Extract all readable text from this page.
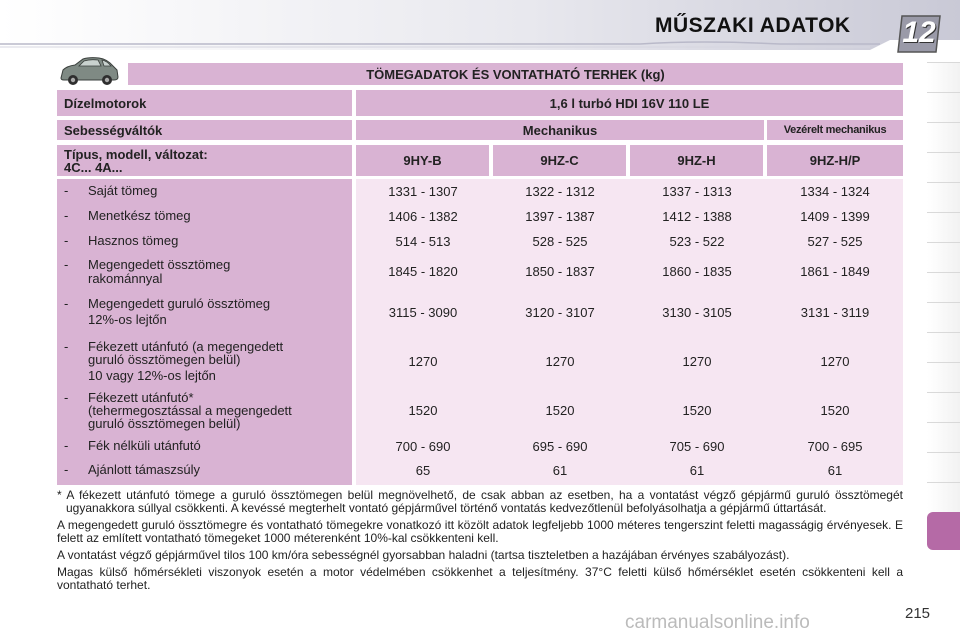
MŰSZAKI ADATOK 12
TÖMEGADATOK ÉS VONTATHATÓ TERHEK (kg)
Dízelmotorok	1,6 l turbó HDI 16V 110 LE
Sebességváltók	Mechanikus	Vezérelt mechanikus
Típus, modell, változat:
4C... 4A...	9HY-B	9HZ-C	9HZ-H	9HZ-H/P
- Saját tömeg	1331 - 1307	1322 - 1312	1337 - 1313	1334 - 1324
- Menetkész tömeg	1406 - 1382	1397 - 1387	1412 - 1388	1409 - 1399
- Hasznos tömeg	514 - 513	528 - 525	523 - 522	527 - 525
- Megengedett össztömeg
rakománnyal	1845 - 1820	1850 - 1837	1860 - 1835	1861 - 1849
- Megengedett guruló össztömeg
12%-os lejtőn	3115 - 3090	3120 - 3107	3130 - 3105	3131 - 3119
- Fékezett utánfutó (a megengedett
guruló össztömegen belül)
10 vagy 12%-os lejtőn
1270	1270	1270	1270
- Fékezett utánfutó*
(tehermegosztással a megengedett
guruló össztömegen belül)
1520	1520	1520	1520
- Fék nélküli utánfutó	700 - 690	695 - 690	705 - 690	700 - 695
- Ajánlott támaszsúly	65	61	61	61

* A fékezett utánfutó tömege a guruló össztömegen belül megnövelhető, de csak abban az esetben, ha a vontatást végző gépjármű guruló össztömegét ugyanakkora súllyal csökkenti. A kevéssé megterhelt vontató gépjárművel történő vontatás kedvezőtlenül befolyásolhatja a gépjármű úttartását.

A megengedett guruló össztömegre és vontatható tömegekre vonatkozó itt közölt adatok legfeljebb 1000 méteres tengerszint feletti magasságig érvényesek. E felett az említett vontatható tömegeket 1000 méterenként 10%-kal csökkenteni kell.

A vontatást végző gépjárművel tilos 100 km/óra sebességnél gyorsabban haladni (tartsa tiszteletben a hazájában érvényes szabályozást).

Magas külső hőmérsékleti viszonyok esetén a motor védelmében csökkenhet a teljesítmény. 37°C feletti külső hőmérséklet esetén csökkenteni kell a vontatható terhet.

carmanualsonline.info	215
